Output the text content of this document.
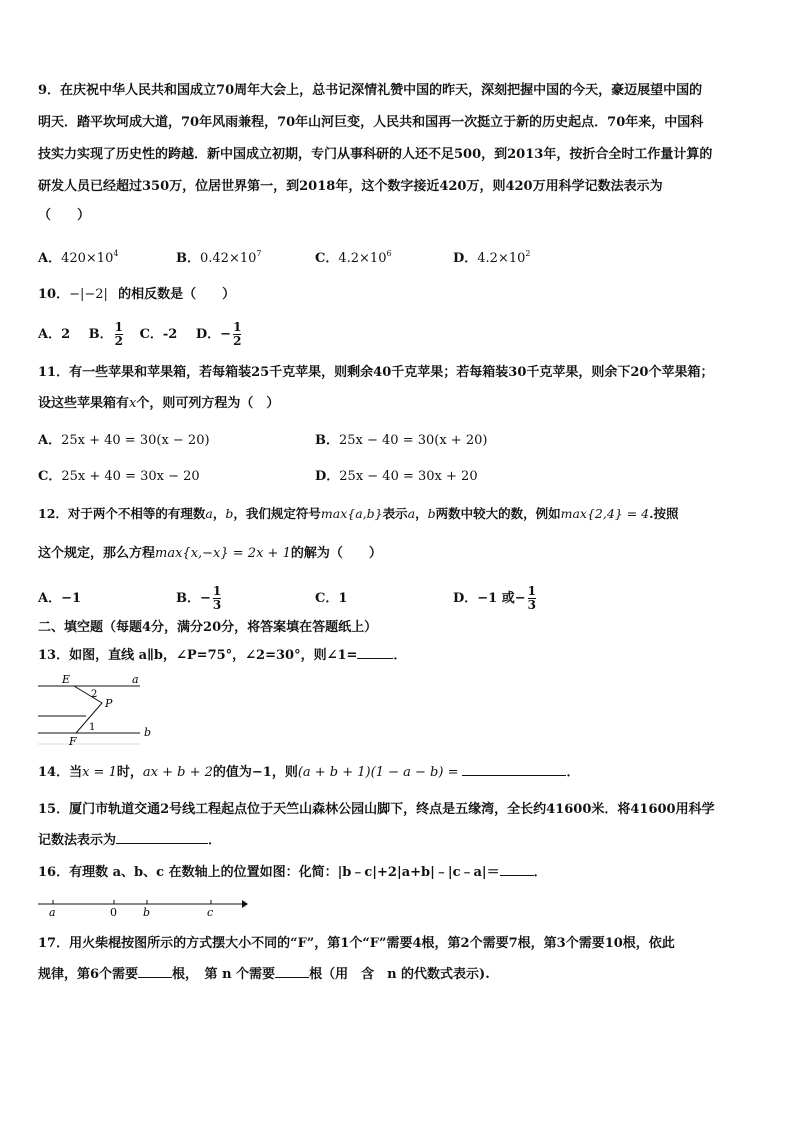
9．在庆祝中华人民共和国成立70周年大会上，总书记深情礼赞中国的昨天，深刻把握中国的今天，豪迈展望中国的
明天．踏平坎坷成大道，70年风雨兼程，70年山河巨变，人民共和国再一次挺立于新的历史起点．70年来，中国科
技实力实现了历史性的跨越．新中国成立初期，专门从事科研的人还不足500，到2013年，按折合全时工作量计算的
研发人员已经超过350万，位居世界第一，到2018年，这个数字接近420万，则420万用科学记数法表示为
（　　）
A．$420\times 10^4$	B．$0.42\times 10^7$	C．$4.2\times 10^6$	D．$4.2\times 10^2$
10．−|−2| 的相反数是（　　）
A．2 B． $\frac{1}{2}$ C．-2 D．− $\frac{1}{2}$
11．有一些苹果和苹果箱，若每箱装25千克苹果，则剩余40千克苹果；若每箱装30千克苹果，则余下20个苹果箱；
设这些苹果箱有x个，则可列方程为（　）
A．25x + 40 = 30(x − 20)	B．25x − 40 = 30(x + 20)
C．25x + 40 = 30x − 20	D．25x − 40 = 30x + 20
12．对于两个不相等的有理数a，b，我们规定符号max{a,b}表示a，b两数中较大的数，例如max{2,4} = 4.按照
这个规定，那么方程max{x,−x} = 2x + 1的解为（　　）
A．−1	B．− $\frac{1}{3}$	C．1	D．−1 或− $\frac{1}{3}$
二、填空题（每题4分，满分20分，将答案填在答题纸上）
13．如图，直线 a∥b，∠P=75°，∠2=30°，则∠1=	．
E	a
2
P
1
F
b
14．当x = 1时，ax + b + 2的值为−1，则(a + b + 1)(1 − a − b) =	．
15．厦门市轨道交通2号线工程起点位于天竺山森林公园山脚下，终点是五缘湾，全长约41600米．将41600用科学
记数法表示为	．
16．有理数 a、b、c 在数轴上的位置如图：化简：|b﹣c|+2|a+b|﹣|c﹣a|＝	．
a	0 b	c
17．用火柴棍按图所示的方式摆大小不同的“F”，第1个“F”需要4根，第2个需要7根，第3个需要10根，依此
规律，第6个需要	根，　第 n 个需要	根（用　含　n 的代数式表示).
